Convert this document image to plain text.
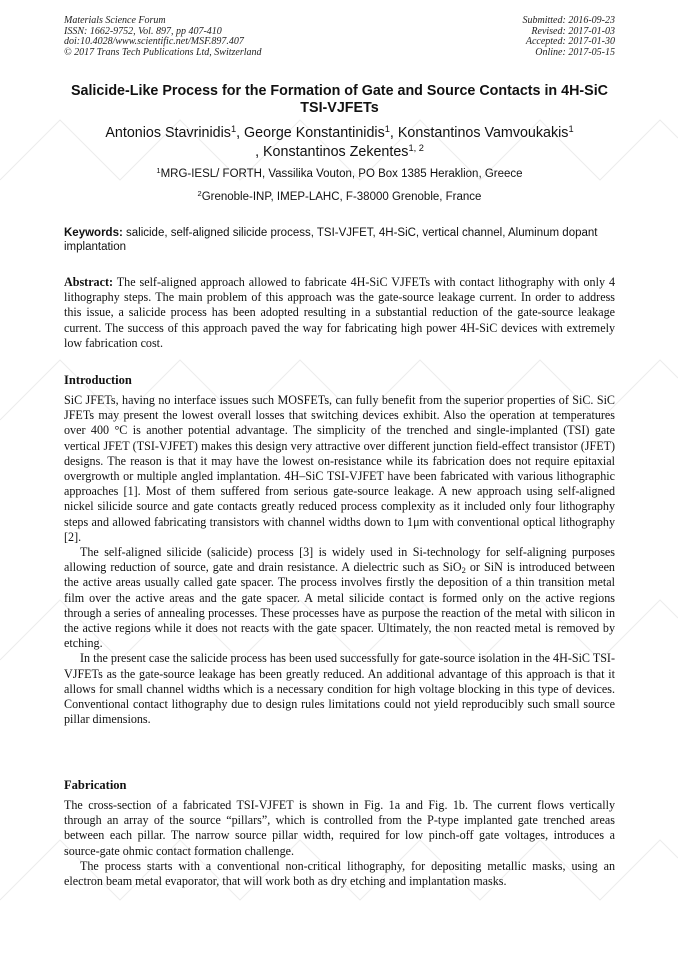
Materials Science Forum
ISSN: 1662-9752, Vol. 897, pp 407-410
doi:10.4028/www.scientific.net/MSF.897.407
© 2017 Trans Tech Publications Ltd, Switzerland
Submitted: 2016-09-23
Revised: 2017-01-03
Accepted: 2017-01-30
Online: 2017-05-15
Salicide-Like Process for the Formation of Gate and Source Contacts in 4H-SiC TSI-VJFETs
Antonios Stavrinidis$^1$, George Konstantinidis$^1$, Konstantinos Vamvoukakis$^1$
, Konstantinos Zekentes$^{1, 2}$
$^1$MRG-IESL/ FORTH, Vassilika Vouton, PO Box 1385 Heraklion, Greece
$^2$Grenoble-INP, IMEP-LAHC, F-38000 Grenoble, France
Keywords: salicide, self-aligned silicide process, TSI-VJFET, 4H-SiC, vertical channel, Aluminum dopant implantation

Abstract: The self-aligned approach allowed to fabricate 4H-SiC VJFETs with contact lithography with only 4 lithography steps. The main problem of this approach was the gate-source leakage current. In order to address this issue, a salicide process has been adopted resulting in a substantial reduction of the gate-source leakage current. The success of this approach paved the way for fabricating high power 4H-SiC devices with extremely low fabrication cost.

Introduction

SiC JFETs, having no interface issues such MOSFETs, can fully benefit from the superior properties of SiC. SiC JFETs may present the lowest overall losses that switching devices exhibit. Also the operation at temperatures over 400 °C is another potential advantage. The simplicity of the trenched and single-implanted (TSI) gate vertical JFET (TSI-VJFET) makes this design very attractive over different junction field-effect transistor (JFET) designs. The reason is that it may have the lowest on-resistance while its fabrication does not require epitaxial overgrowth or multiple angled implantation. 4H–SiC TSI-VJFET have been fabricated with various lithographic approaches [1]. Most of them suffered from serious gate-source leakage. A new approach using self-aligned nickel silicide source and gate contacts greatly reduced process complexity as it included only four lithography steps and allowed fabricating transistors with channel widths down to 1μm with conventional optical lithography [2].

The self-aligned silicide (salicide) process [3] is widely used in Si-technology for self-aligning purposes allowing reduction of source, gate and drain resistance. A dielectric such as SiO$_2$ or SiN is introduced between the active areas usually called gate spacer. The process involves firstly the deposition of a thin transition metal film over the active areas and the gate spacer. A metal silicide contact is formed only on the active regions through a series of annealing processes. These processes have as purpose the reaction of the metal with silicon in the active regions while it does not reacts with the gate spacer. Ultimately, the non reacted metal is removed by etching.

In the present case the salicide process has been used successfully for gate-source isolation in the 4H-SiC TSI-VJFETs as the gate-source leakage has been greatly reduced. An additional advantage of this approach is that it allows for small channel widths which is a necessary condition for high voltage blocking in this type of devices. Conventional contact lithography due to design rules limitations could not yield reproducibly such small source pillar dimensions.

Fabrication

The cross-section of a fabricated TSI-VJFET is shown in Fig. 1a and Fig. 1b. The current flows vertically through an array of the source “pillars”, which is controlled from the P-type implanted gate trenched areas between each pillar. The narrow source pillar width, required for low pinch-off gate voltages, introduces a source-gate ohmic contact formation challenge.

The process starts with a conventional non-critical lithography, for depositing metallic masks, using an electron beam metal evaporator, that will work both as dry etching and implantation masks.
